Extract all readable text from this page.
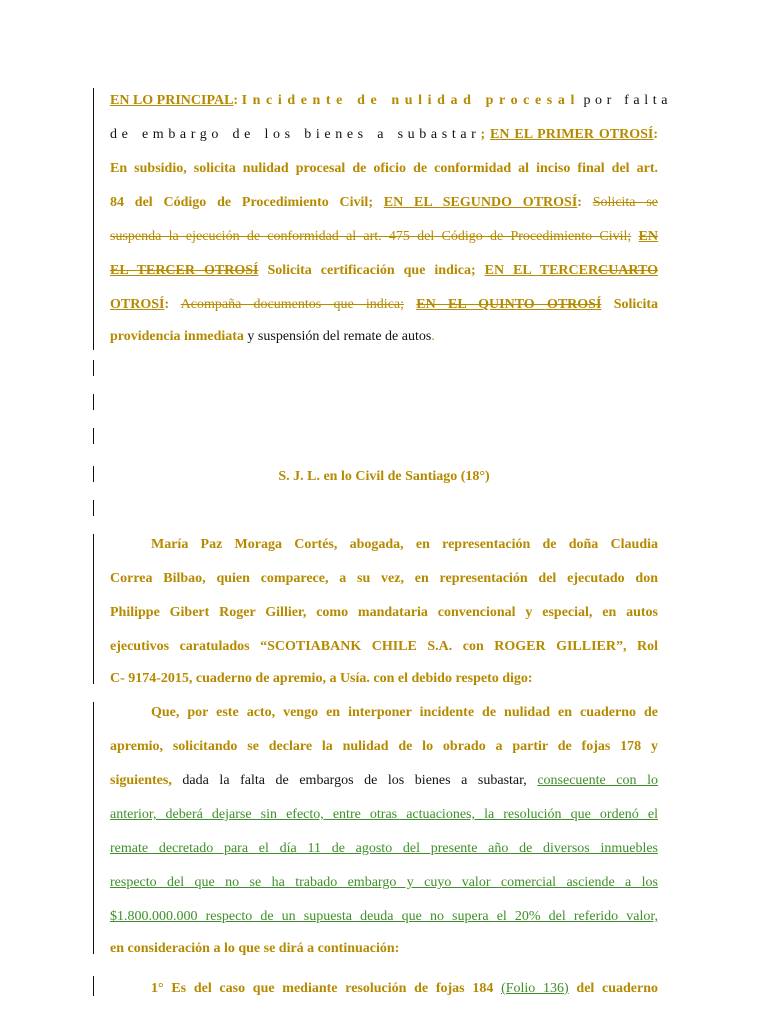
EN LO PRINCIPAL: Incidente de nulidad procesal por falta
de embargo de los bienes a subastar; EN EL PRIMER OTROSÍ:
En subsidio, solicita nulidad procesal de oficio de conformidad al inciso final del art.
84 del Código de Procedimiento Civil; EN EL SEGUNDO OTROSÍ: Solicita se
suspenda la ejecución de conformidad al art. 475 del Código de Procedimiento Civil; EN
EL TERCER OTROSÍ Solicita certificación que indica; EN EL TERCERCUARTO
OTROSÍ: Acompaña documentos que indica; EN EL QUINTO OTROSÍ Solicita
providencia inmediata y suspensión del remate de autos.
S. J. L. en lo Civil de Santiago (18°)
María Paz Moraga Cortés, abogada, en representación de doña Claudia
Correa Bilbao, quien comparece, a su vez, en representación del ejecutado don
Philippe Gibert Roger Gillier, como mandataria convencional y especial, en autos
ejecutivos caratulados “SCOTIABANK CHILE S.A. con ROGER GILLIER”, Rol
C- 9174-2015, cuaderno de apremio, a Usía. con el debido respeto digo:
Que, por este acto, vengo en interponer incidente de nulidad en cuaderno de
apremio, solicitando se declare la nulidad de lo obrado a partir de fojas 178 y
siguientes, dada la falta de embargos de los bienes a subastar, consecuente con lo
anterior, deberá dejarse sin efecto, entre otras actuaciones, la resolución que ordenó el
remate decretado para el día 11 de agosto del presente año de diversos inmuebles
respecto del que no se ha trabado embargo y cuyo valor comercial asciende a los
$1.800.000.000 respecto de un supuesta deuda que no supera el 20% del referido valor,
en consideración a lo que se dirá a continuación:
1° Es del caso que mediante resolución de fojas 184 (Folio 136) del cuaderno
